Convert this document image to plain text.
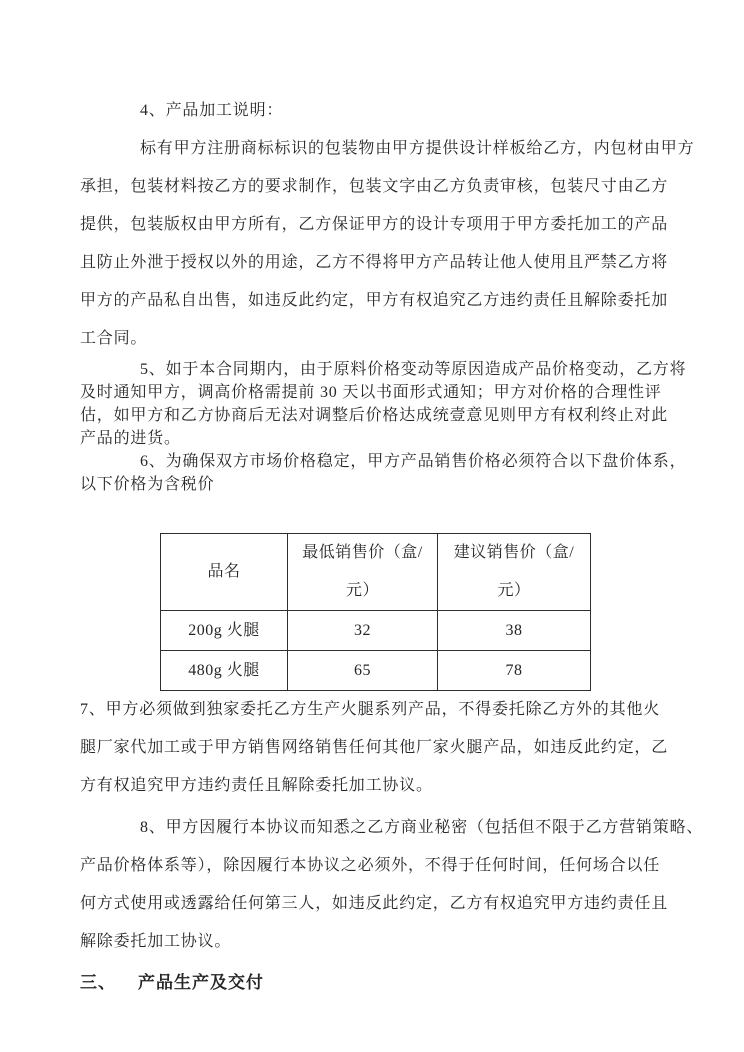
4、产品加工说明：
标有甲方注册商标标识的包装物由甲方提供设计样板给乙方，内包材由甲方
承担，包装材料按乙方的要求制作，包装文字由乙方负责审核，包装尺寸由乙方
提供，包装版权由甲方所有，乙方保证甲方的设计专项用于甲方委托加工的产品
且防止外泄于授权以外的用途，乙方不得将甲方产品转让他人使用且严禁乙方将
甲方的产品私自出售，如违反此约定，甲方有权追究乙方违约责任且解除委托加
工合同。
5、如于本合同期内，由于原料价格变动等原因造成产品价格变动，乙方将
及时通知甲方，调高价格需提前 30 天以书面形式通知；甲方对价格的合理性评
估，如甲方和乙方协商后无法对调整后价格达成统壹意见则甲方有权利终止对此
产品的进货。
6、为确保双方市场价格稳定，甲方产品销售价格必须符合以下盘价体系，
以下价格为含税价
品名	最低销售价（盒/元）	建议销售价（盒/元）
200g 火腿	32	38
480g 火腿	65	78
7、甲方必须做到独家委托乙方生产火腿系列产品，不得委托除乙方外的其他火
腿厂家代加工或于甲方销售网络销售任何其他厂家火腿产品，如违反此约定，乙
方有权追究甲方违约责任且解除委托加工协议。
8、甲方因履行本协议而知悉之乙方商业秘密（包括但不限于乙方营销策略、
产品价格体系等），除因履行本协议之必须外，不得于任何时间，任何场合以任
何方式使用或透露给任何第三人，如违反此约定，乙方有权追究甲方违约责任且
解除委托加工协议。
三、 产品生产及交付
